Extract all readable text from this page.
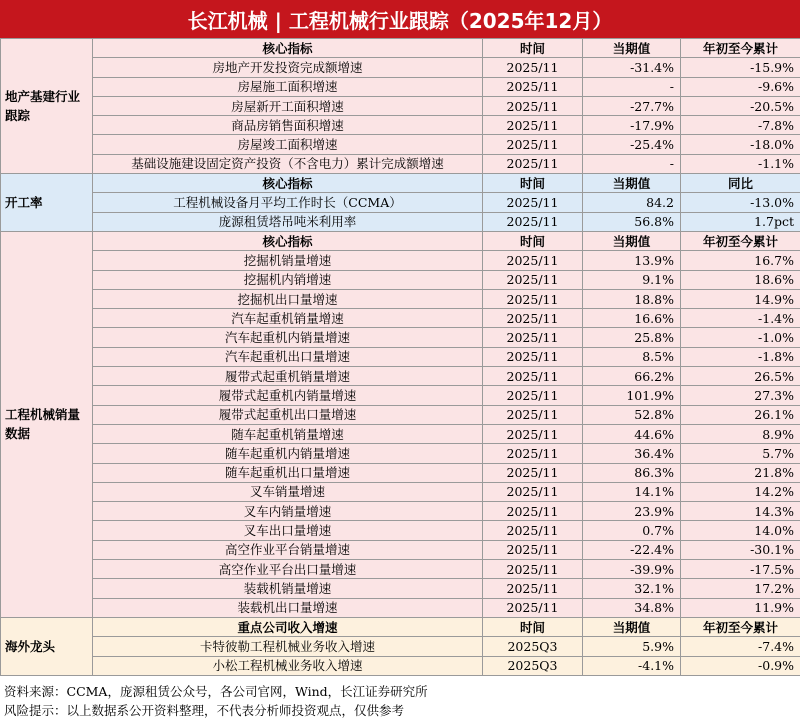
长江机械 | 工程机械行业跟踪（2025年12月）
地产基建行业跟踪	核心指标	时间	当期值	年初至今累计
	房地产开发投资完成额增速	2025/11	-31.4%	-15.9%
	房屋施工面积增速	2025/11	-	-9.6%
	房屋新开工面积增速	2025/11	-27.7%	-20.5%
	商品房销售面积增速	2025/11	-17.9%	-7.8%
	房屋竣工面积增速	2025/11	-25.4%	-18.0%
	基础设施建设固定资产投资（不含电力）累计完成额增速	2025/11	-	-1.1%
开工率	核心指标	时间	当期值	同比
	工程机械设备月平均工作时长（CCMA）	2025/11	84.2	-13.0%
	庞源租赁塔吊吨米利用率	2025/11	56.8%	1.7pct
工程机械销量数据	核心指标	时间	当期值	年初至今累计
	挖掘机销量增速	2025/11	13.9%	16.7%
	挖掘机内销增速	2025/11	9.1%	18.6%
	挖掘机出口量增速	2025/11	18.8%	14.9%
	汽车起重机销量增速	2025/11	16.6%	-1.4%
	汽车起重机内销量增速	2025/11	25.8%	-1.0%
	汽车起重机出口量增速	2025/11	8.5%	-1.8%
	履带式起重机销量增速	2025/11	66.2%	26.5%
	履带式起重机内销量增速	2025/11	101.9%	27.3%
	履带式起重机出口量增速	2025/11	52.8%	26.1%
	随车起重机销量增速	2025/11	44.6%	8.9%
	随车起重机内销量增速	2025/11	36.4%	5.7%
	随车起重机出口量增速	2025/11	86.3%	21.8%
	叉车销量增速	2025/11	14.1%	14.2%
	叉车内销量增速	2025/11	23.9%	14.3%
	叉车出口量增速	2025/11	0.7%	14.0%
	高空作业平台销量增速	2025/11	-22.4%	-30.1%
	高空作业平台出口量增速	2025/11	-39.9%	-17.5%
	装载机销量增速	2025/11	32.1%	17.2%
	装载机出口量增速	2025/11	34.8%	11.9%
海外龙头	重点公司收入增速	时间	当期值	年初至今累计
	卡特彼勒工程机械业务收入增速	2025Q3	5.9%	-7.4%
	小松工程机械业务收入增速	2025Q3	-4.1%	-0.9%
资料来源：CCMA，庞源租赁公众号，各公司官网，Wind，长江证券研究所
风险提示：以上数据系公开资料整理，不代表分析师投资观点，仅供参考
